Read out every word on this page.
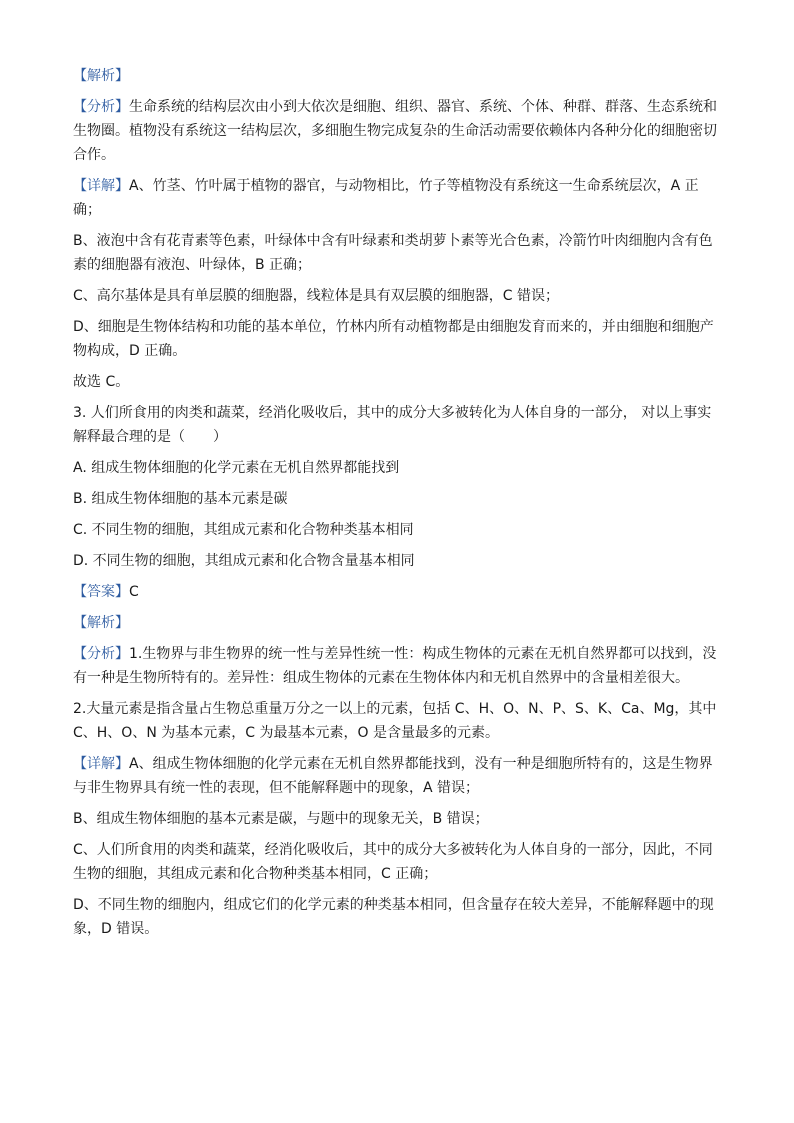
【解析】

【分析】生命系统的结构层次由小到大依次是细胞、组织、器官、系统、个体、种群、群落、生态系统和生物圈。植物没有系统这一结构层次，多细胞生物完成复杂的生命活动需要依赖体内各种分化的细胞密切合作。

【详解】A、竹茎、竹叶属于植物的器官，与动物相比，竹子等植物没有系统这一生命系统层次，A 正确；

B、液泡中含有花青素等色素，叶绿体中含有叶绿素和类胡萝卜素等光合色素，冷箭竹叶肉细胞内含有色素的细胞器有液泡、叶绿体，B 正确；

C、高尔基体是具有单层膜的细胞器，线粒体是具有双层膜的细胞器，C 错误；

D、细胞是生物体结构和功能的基本单位，竹林内所有动植物都是由细胞发育而来的，并由细胞和细胞产物构成，D 正确。

故选 C。

3. 人们所食用的肉类和蔬菜，经消化吸收后，其中的成分大多被转化为人体自身的一部分， 对以上事实解释最合理的是（　　）

A. 组成生物体细胞的化学元素在无机自然界都能找到

B. 组成生物体细胞的基本元素是碳

C. 不同生物的细胞，其组成元素和化合物种类基本相同

D. 不同生物的细胞，其组成元素和化合物含量基本相同

【答案】C

【解析】

【分析】1.生物界与非生物界的统一性与差异性统一性：构成生物体的元素在无机自然界都可以找到，没有一种是生物所特有的。差异性：组成生物体的元素在生物体体内和无机自然界中的含量相差很大。

2.大量元素是指含量占生物总重量万分之一以上的元素，包括 C、H、O、N、P、S、K、Ca、Mg，其中 C、H、O、N 为基本元素，C 为最基本元素，O 是含量最多的元素。

【详解】A、组成生物体细胞的化学元素在无机自然界都能找到，没有一种是细胞所特有的，这是生物界与非生物界具有统一性的表现，但不能解释题中的现象，A 错误；

B、组成生物体细胞的基本元素是碳，与题中的现象无关，B 错误；

C、人们所食用的肉类和蔬菜，经消化吸收后，其中的成分大多被转化为人体自身的一部分，因此，不同生物的细胞，其组成元素和化合物种类基本相同，C 正确；

D、不同生物的细胞内，组成它们的化学元素的种类基本相同，但含量存在较大差异，不能解释题中的现象，D 错误。
